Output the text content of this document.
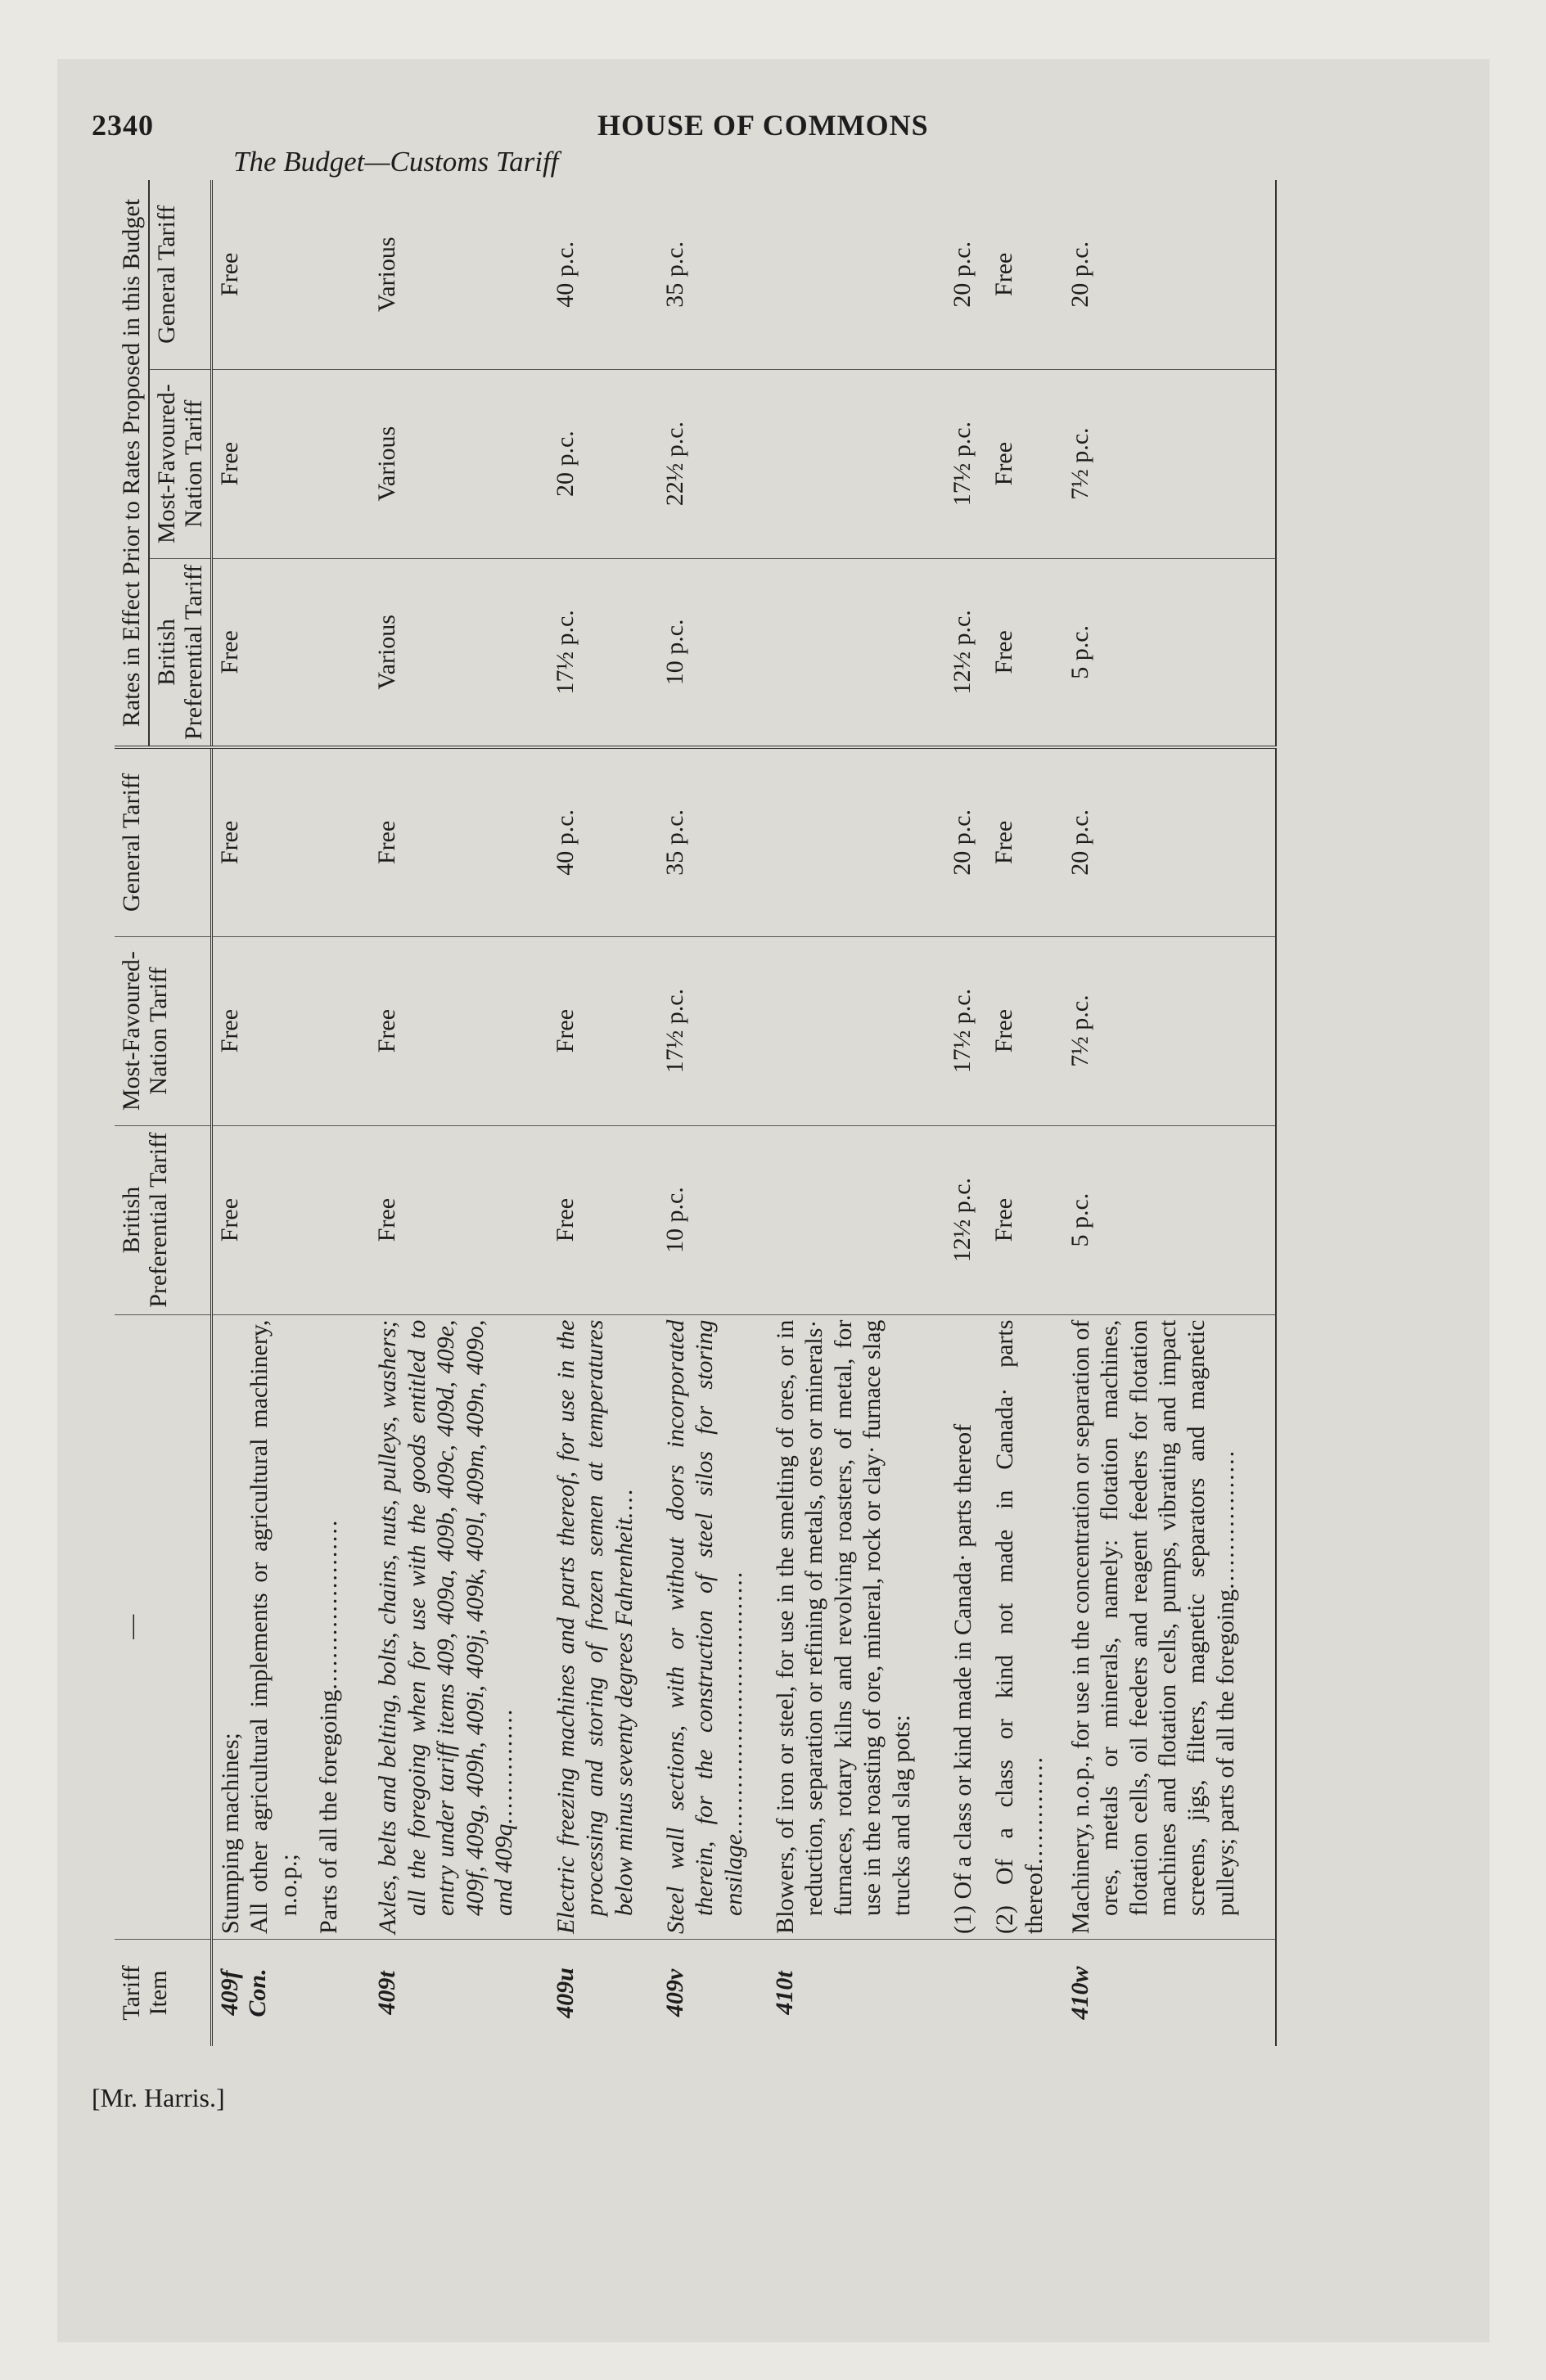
2340	HOUSE OF COMMONS
The Budget—Customs Tariff
Tariff Item	—	British Preferential Tariff	Most-Favoured-Nation Tariff	General Tariff	Rates in Effect Prior to Rates Proposed in this Budget		
					British Preferential Tariff	Most-Favoured-Nation Tariff	General Tariff
409f Con.	Stumping machines; All other agricultural implements or agricultural machinery, n.o.p.; Parts of all the foregoing......................	Free	Free	Free	Free	Free	Free
409t	Axles, belts and belting, bolts, chains, nuts, pulleys, washers; all the foregoing when for use with the goods entitled to entry under tariff items 409, 409a, 409b, 409c, 409d, 409e, 409f, 409g, 409h, 409i, 409j, 409k, 409l, 409m, 409n, 409o, and 409q...............	Free	Free	Free	Various	Various	Various
409u	Electric freezing machines and parts thereof, for use in the processing and storing of frozen semen at temperatures below minus seventy degrees Fahrenheit....	Free	Free	40 p.c.	17½ p.c.	20 p.c.	40 p.c.
409v	Steel wall sections, with or without doors incorporated therein, for the construction of steel silos for storing ensilage..................................	10 p.c.	17½ p.c.	35 p.c.	10 p.c.	22½ p.c.	35 p.c.
410t	Blowers, of iron or steel, for use in the smelting of ores, or in reduction, separation or refining of metals, ores or minerals· furnaces, rotary kilns and revolving roasters, of metal, for use in the roasting of ore, mineral, rock or clay· furnace slag trucks and slag pots:						

	(1) Of a class or kind made in Canada· parts thereof	12½ p.c.	17½ p.c.	20 p.c.	12½ p.c.	17½ p.c.	20 p.c.
	(2) Of a class or kind not made in Canada· parts thereof..............	Free	Free	Free	Free	Free	Free
410w	Machinery, n.o.p., for use in the concentration or separation of ores, metals or minerals, namely: flotation machines, flotation cells, oil feeders and reagent feeders for flotation machines and flotation cells, pumps, vibrating and impact screens, jigs, filters, magnetic separators and magnetic pulleys; parts of all the foregoing..................	5 p.c.	7½ p.c.	20 p.c.	5 p.c.	7½ p.c.	20 p.c.
[Mr. Harris.]
